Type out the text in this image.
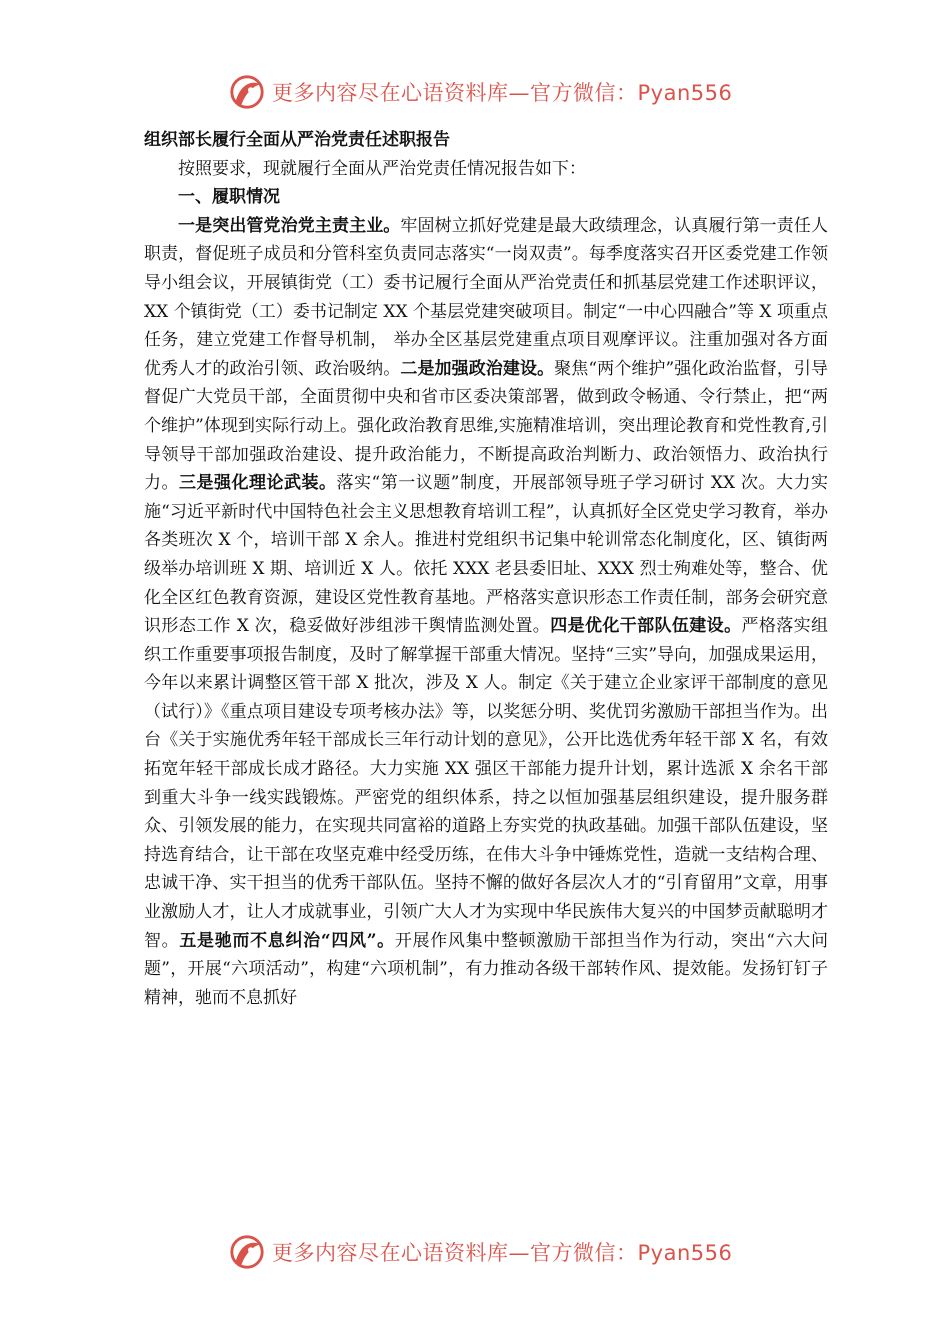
更多内容尽在心语资料库—官方微信：Pyan556

组织部长履行全面从严治党责任述职报告

按照要求，现就履行全面从严治党责任情况报告如下：

一、履职情况

一是突出管党治党主责主业。牢固树立抓好党建是最大政绩理念，认真履行第一责任人职责，督促班子成员和分管科室负责同志落实“一岗双责”。每季度落实召开区委党建工作领导小组会议，开展镇街党（工）委书记履行全面从严治党责任和抓基层党建工作述职评议，XX 个镇街党（工）委书记制定 XX 个基层党建突破项目。制定“一中心四融合”等 X 项重点任务，建立党建工作督导机制， 举办全区基层党建重点项目观摩评议。注重加强对各方面优秀人才的政治引领、政治吸纳。二是加强政治建设。聚焦“两个维护”强化政治监督，引导督促广大党员干部，全面贯彻中央和省市区委决策部署，做到政令畅通、令行禁止，把“两个维护”体现到实际行动上。强化政治教育思维,实施精准培训，突出理论教育和党性教育,引导领导干部加强政治建设、提升政治能力，不断提高政治判断力、政治领悟力、政治执行力。三是强化理论武装。落实“第一议题”制度，开展部领导班子学习研讨 XX 次。大力实施“习近平新时代中国特色社会主义思想教育培训工程”，认真抓好全区党史学习教育，举办各类班次 X 个，培训干部 X 余人。推进村党组织书记集中轮训常态化制度化，区、镇街两级举办培训班 X 期、培训近 X 人。依托 XXX 老县委旧址、XXX 烈士殉难处等，整合、优化全区红色教育资源，建设区党性教育基地。严格落实意识形态工作责任制，部务会研究意识形态工作 X 次，稳妥做好涉组涉干舆情监测处置。四是优化干部队伍建设。严格落实组织工作重要事项报告制度，及时了解掌握干部重大情况。坚持“三实”导向，加强成果运用，今年以来累计调整区管干部 X 批次，涉及 X 人。制定《关于建立企业家评干部制度的意见（试行）》《重点项目建设专项考核办法》等，以奖惩分明、奖优罚劣激励干部担当作为。出台《关于实施优秀年轻干部成长三年行动计划的意见》，公开比选优秀年轻干部 X 名，有效拓宽年轻干部成长成才路径。大力实施 XX 强区干部能力提升计划，累计选派 X 余名干部到重大斗争一线实践锻炼。严密党的组织体系，持之以恒加强基层组织建设，提升服务群众、引领发展的能力，在实现共同富裕的道路上夯实党的执政基础。加强干部队伍建设，坚持选育结合，让干部在攻坚克难中经受历练，在伟大斗争中锤炼党性，造就一支结构合理、忠诚干净、实干担当的优秀干部队伍。坚持不懈的做好各层次人才的“引育留用”文章，用事业激励人才，让人才成就事业，引领广大人才为实现中华民族伟大复兴的中国梦贡献聪明才智。五是驰而不息纠治“四风”。开展作风集中整顿激励干部担当作为行动，突出“六大问题”，开展“六项活动”，构建“六项机制”，有力推动各级干部转作风、提效能。发扬钉钉子精神，驰而不息抓好

更多内容尽在心语资料库—官方微信：Pyan556
